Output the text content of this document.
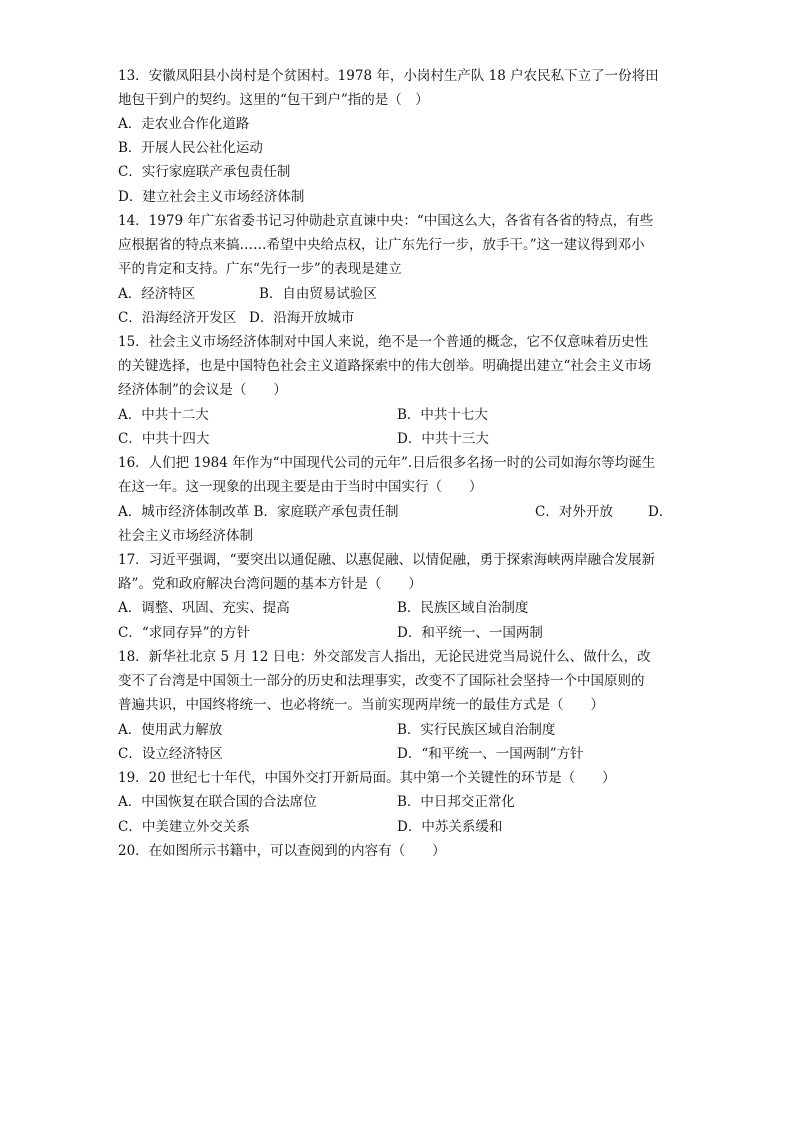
13．安徽凤阳县小岗村是个贫困村。1978 年，小岗村生产队 18 户农民私下立了一份将田
地包干到户的契约。这里的“包干到户”指的是（　）
A．走农业合作化道路
B．开展人民公社化运动
C．实行家庭联产承包责任制
D．建立社会主义市场经济体制
14．1979 年广东省委书记习仲勋赴京直谏中央：“中国这么大，各省有各省的特点，有些
应根据省的特点来搞……希望中央给点权，让广东先行一步，放手干。”这一建议得到邓小
平的肯定和支持。广东“先行一步”的表现是建立
A．经济特区	B．自由贸易试验区
C．沿海经济开发区 D．沿海开放城市
15．社会主义市场经济体制对中国人来说，绝不是一个普通的概念，它不仅意味着历史性
的关键选择，也是中国特色社会主义道路探索中的伟大创举。明确提出建立“社会主义市场
经济体制”的会议是（　　）
A．中共十二大	B．中共十七大
C．中共十四大	D．中共十三大
16．人们把 1984 年作为“中国现代公司的元年”.日后很多名扬一时的公司如海尔等均诞生
在这一年。这一现象的出现主要是由于当时中国实行（　　）
A．城市经济体制改革 B．家庭联产承包责任制	C．对外开放	D．
社会主义市场经济体制
17．习近平强调，“要突出以通促融、以惠促融、以情促融，勇于探索海峡两岸融合发展新
路”。党和政府解决台湾问题的基本方针是（　　）
A．调整、巩固、充实、提高	B．民族区域自治制度
C．“求同存异”的方针	D．和平统一、一国两制
18．新华社北京 5 月 12 日电：外交部发言人指出，无论民进党当局说什么、做什么，改
变不了台湾是中国领土一部分的历史和法理事实，改变不了国际社会坚持一个中国原则的
普遍共识，中国终将统一、也必将统一。当前实现两岸统一的最佳方式是（　　）
A．使用武力解放	B．实行民族区域自治制度
C．设立经济特区	D．“和平统一、一国两制”方针
19．20 世纪七十年代，中国外交打开新局面。其中第一个关键性的环节是（　　）
A．中国恢复在联合国的合法席位	B．中日邦交正常化
C．中美建立外交关系	D．中苏关系缓和
20．在如图所示书籍中，可以查阅到的内容有（　　）
